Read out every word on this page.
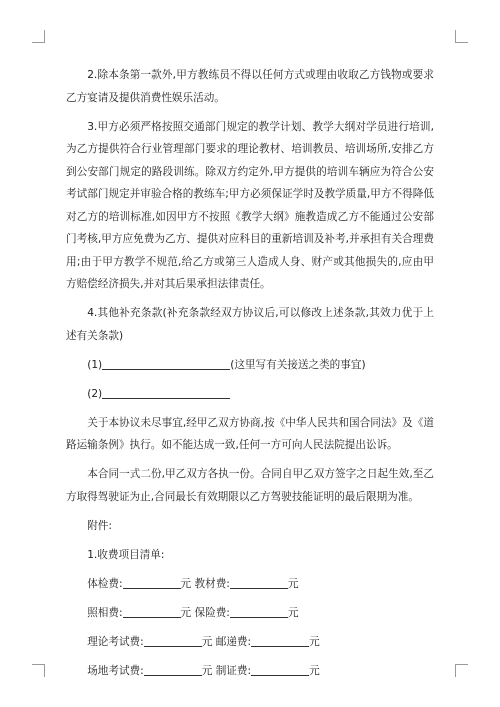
2.除本条第一款外,甲方教练员不得以任何方式或理由收取乙方钱物或要求乙方宴请及提供消费性娱乐活动。

3.甲方必须严格按照交通部门规定的教学计划、教学大纲对学员进行培训,为乙方提供符合行业管理部门要求的理论教材、培训教员、培训场所,安排乙方到公安部门规定的路段训练。除双方约定外,甲方提供的培训车辆应为符合公安考试部门规定并审验合格的教练车;甲方必须保证学时及教学质量,甲方不得降低对乙方的培训标准,如因甲方不按照《教学大纲》施教造成乙方不能通过公安部门考核,甲方应免费为乙方、提供对应科目的重新培训及补考,并承担有关合理费用;由于甲方教学不规范,给乙方或第三人造成人身、财产或其他损失的,应由甲方赔偿经济损失,并对其后果承担法律责任。

4.其他补充条款(补充条款经双方协议后,可以修改上述条款,其效力优于上述有关条款)

(1)	(这里写有关接送之类的事宜)
(2)

关于本协议未尽事宜,经甲乙双方协商,按《中华人民共和国合同法》及《道路运输条例》执行。如不能达成一致,任何一方可向人民法院提出讼诉。

本合同一式二份,甲乙双方各执一份。合同自甲乙双方签字之日起生效,至乙方取得驾驶证为止,合同最长有效期限以乙方驾驶技能证明的最后限期为准。

附件:
1.收费项目清单:
体检费:	元 教材费:	元
照相费:	元 保险费:	元
理论考试费:	元 邮递费:	元
场地考试费:	元 制证费:	元
